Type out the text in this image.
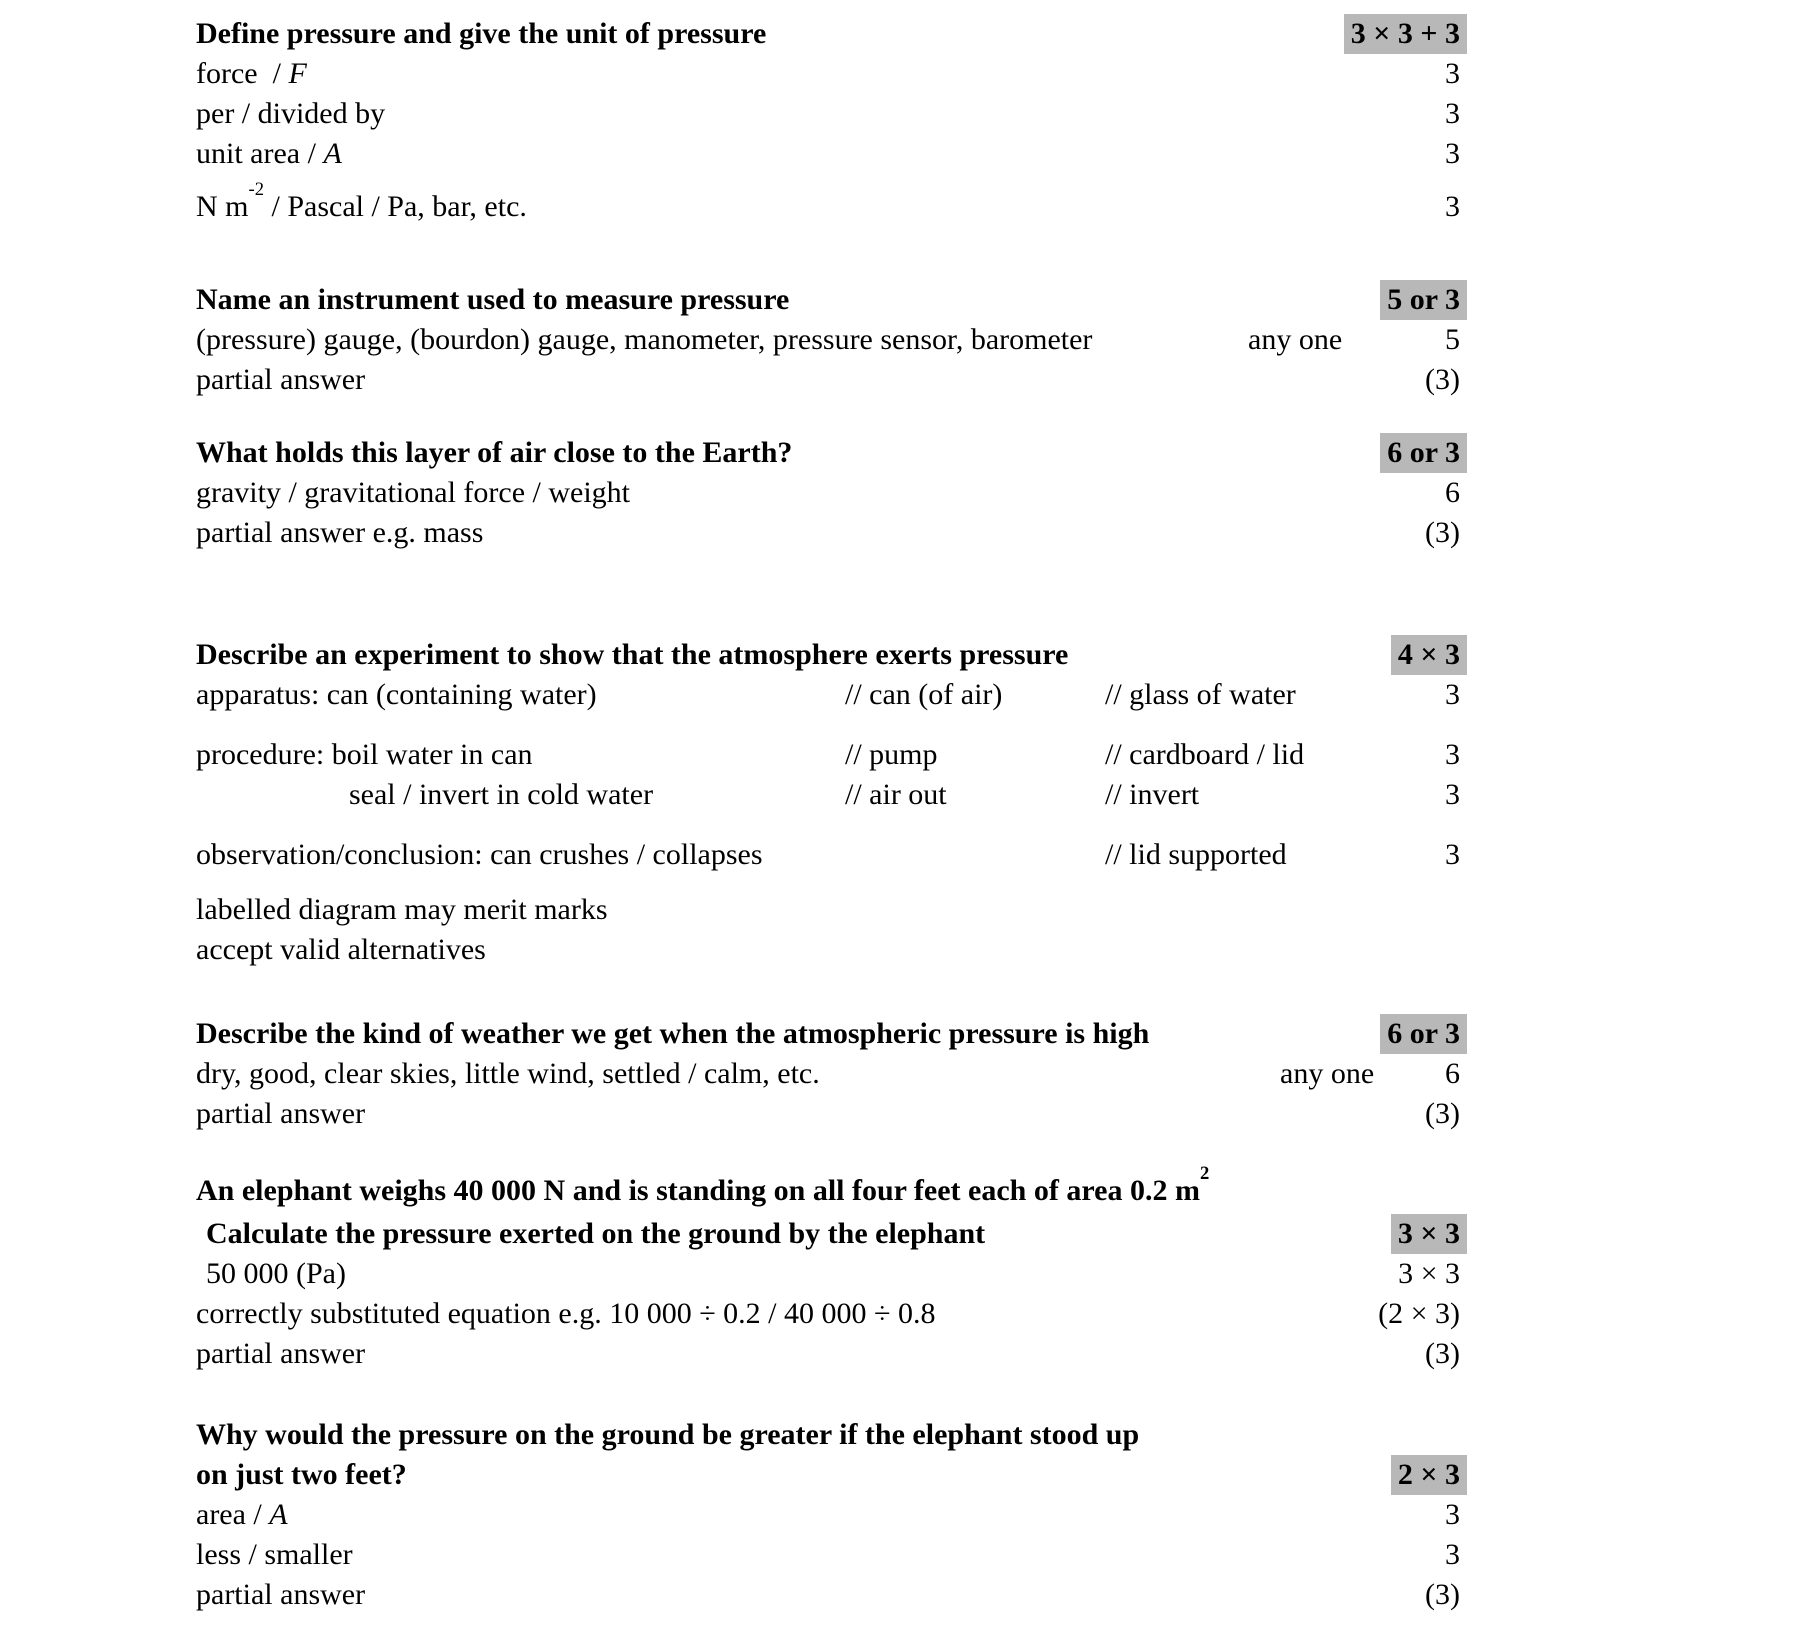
Define pressure and give the unit of pressure	3 × 3 + 3
force  / F	3
per / divided by	3
unit area / A	3
N $m^{-2}$ / Pascal / Pa, bar, etc.	3
Name an instrument used to measure pressure	5 or 3
(pressure) gauge, (bourdon) gauge, manometer, pressure sensor, barometer	any one	5
partial answer	(3)
What holds this layer of air close to the Earth?	6 or 3
gravity / gravitational force / weight	6
partial answer e.g. mass	(3)
Describe an experiment to show that the atmosphere exerts pressure	4 × 3
apparatus: can (containing water)	// can (of air)	// glass of water	3
procedure: boil water in can	// pump	// cardboard / lid	3
seal / invert in cold water	// air out	// invert	3
observation/conclusion: can crushes / collapses	// lid supported	3
labelled diagram may merit marks
accept valid alternatives
Describe the kind of weather we get when the atmospheric pressure is high	6 or 3
dry, good, clear skies, little wind, settled / calm, etc.	any one 6
partial answer	(3)
An elephant weighs 40 000 N and is standing on all four feet each of area 0.2 $m^2$
Calculate the pressure exerted on the ground by the elephant	3 × 3
50 000 (Pa)	3 × 3
correctly substituted equation e.g. 10 000 ÷ 0.2 / 40 000 ÷ 0.8	(2 × 3)
partial answer	(3)
Why would the pressure on the ground be greater if the elephant stood up
on just two feet?	2 × 3
area / A	3
less / smaller	3
partial answer	(3)
